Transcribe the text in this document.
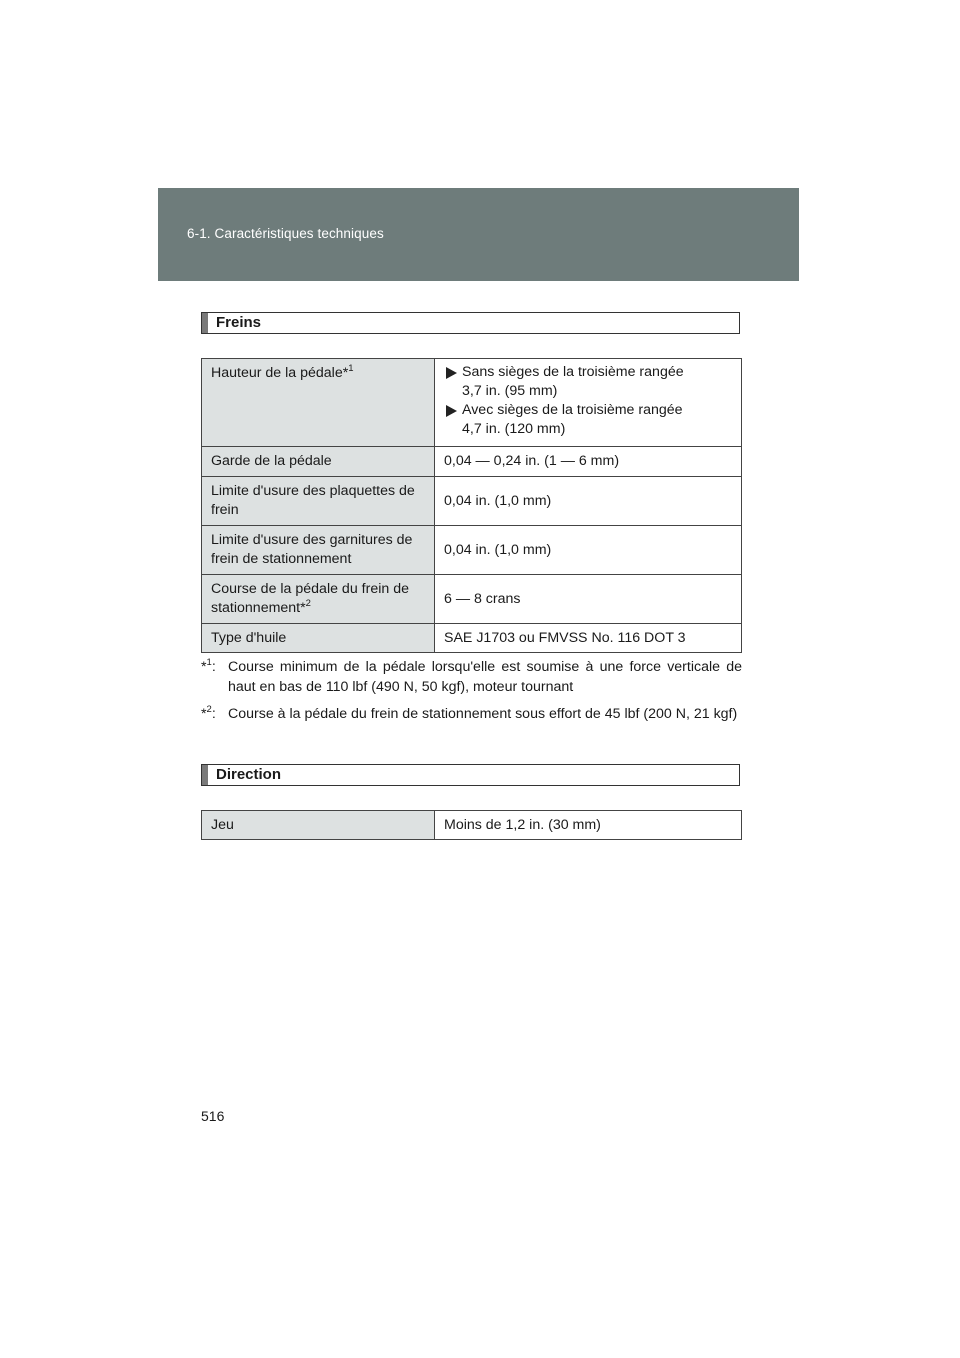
6-1. Caractéristiques techniques
Freins
Hauteur de la pédale*$^1$	Sans sièges de la troisième rangée
3,7 in. (95 mm)
Avec sièges de la troisième rangée
4,7 in. (120 mm)

Garde de la pédale	0,04 — 0,24 in. (1 — 6 mm)
Limite d'usure des plaquettes de frein	0,04 in. (1,0 mm)
Limite d'usure des garnitures de frein de stationnement	0,04 in. (1,0 mm)
Course de la pédale du frein de stationnement*$^2$	6 — 8 crans
Type d'huile	SAE J1703 ou FMVSS No. 116 DOT 3
*$^1$: Course minimum de la pédale lorsqu'elle est soumise à une force verticale de haut en bas de 110 lbf (490 N, 50 kgf), moteur tournant
*$^2$: Course à la pédale du frein de stationnement sous effort de 45 lbf (200 N, 21 kgf)
Direction
Jeu	Moins de 1,2 in. (30 mm)
516
